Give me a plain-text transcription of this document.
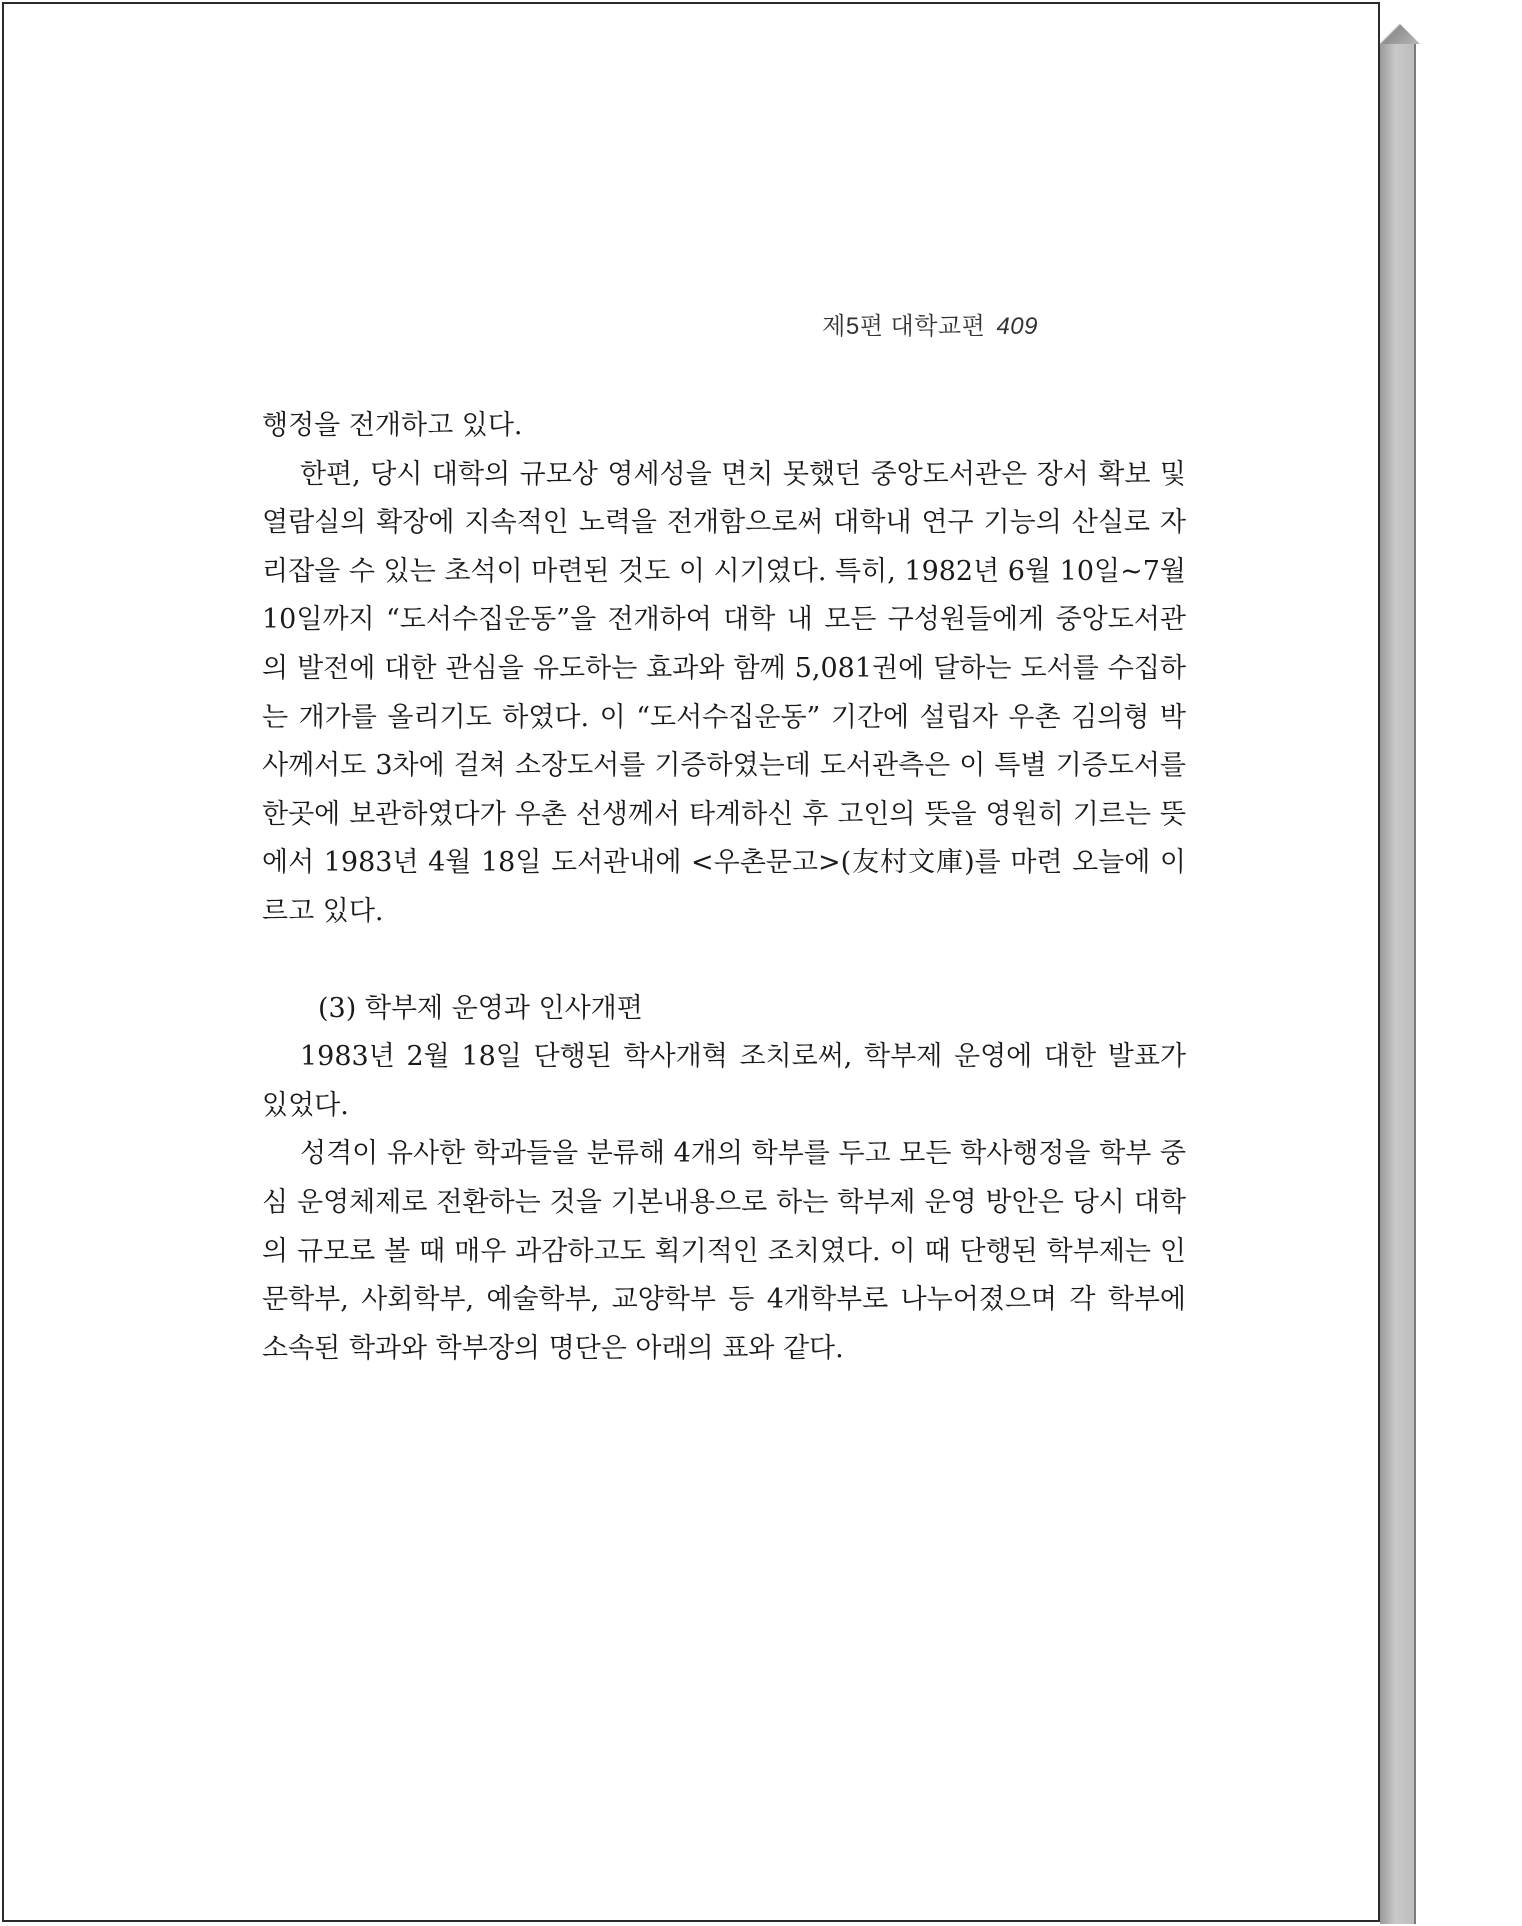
제5편 대학교편 409

행정을 전개하고 있다.

한편, 당시 대학의 규모상 영세성을 면치 못했던 중앙도서관은 장서 확보 및 열람실의 확장에 지속적인 노력을 전개함으로써 대학내 연구 기능의 산실로 자리잡을 수 있는 초석이 마련된 것도 이 시기였다. 특히, 1982년 6월 10일~7월 10일까지 “도서수집운동”을 전개하여 대학 내 모든 구성원들에게 중앙도서관의 발전에 대한 관심을 유도하는 효과와 함께 5,081권에 달하는 도서를 수집하는 개가를 올리기도 하였다. 이 “도서수집운동” 기간에 설립자 우촌 김의형 박사께서도 3차에 걸쳐 소장도서를 기증하였는데 도서관측은 이 특별 기증도서를 한곳에 보관하였다가 우촌 선생께서 타계하신 후 고인의 뜻을 영원히 기르는 뜻에서 1983년 4월 18일 도서관내에 <우촌문고>(友村文庫)를 마련 오늘에 이르고 있다.

(3) 학부제 운영과 인사개편

1983년 2월 18일 단행된 학사개혁 조치로써, 학부제 운영에 대한 발표가 있었다.

성격이 유사한 학과들을 분류해 4개의 학부를 두고 모든 학사행정을 학부 중심 운영체제로 전환하는 것을 기본내용으로 하는 학부제 운영 방안은 당시 대학의 규모로 볼 때 매우 과감하고도 획기적인 조치였다. 이 때 단행된 학부제는 인문학부, 사회학부, 예술학부, 교양학부 등 4개학부로 나누어졌으며 각 학부에 소속된 학과와 학부장의 명단은 아래의 표와 같다.
